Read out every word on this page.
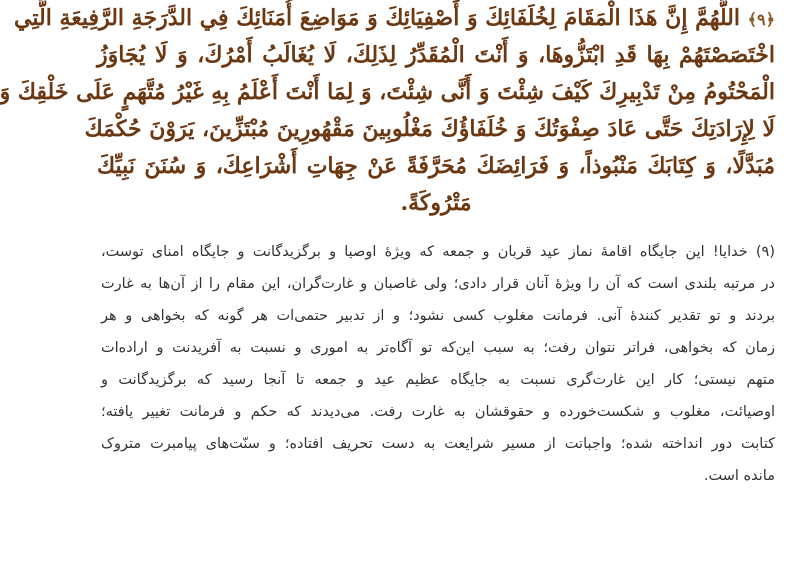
﴿٩﴾ اللَّهُمَّ إِنَّ هَذَا الْمَقَامَ لِخُلَفَائِكَ وَ أَصْفِيَائِكَ وَ مَوَاضِعَ أُمَنَائِكَ فِي الدَّرَجَةِ الرَّفِيعَةِ الَّتِي
اخْتَصَصْتَهُمْ بِهَا قَدِ ابْتَزُّوهَا، وَ أَنْتَ الْمُقَدِّرُ لِذَلِكَ، لَا يُغَالَبُ أَمْرُكَ، وَ لَا يُجَاوَزُ
الْمَحْتُومُ مِنْ تَدْبِيرِكَ كَيْفَ شِئْتَ وَ أَنَّى شِئْتَ، وَ لِمَا أَنْتَ أَعْلَمُ بِهِ غَيْرُ مُتَّهَمٍ عَلَى خَلْقِكَ وَ
لَا لِإِرَادَتِكَ حَتَّى عَادَ صِفْوَتُكَ وَ خُلَفَاؤُكَ مَغْلُوبِينَ مَقْهُورِينَ مُبْتَزِّينَ، يَرَوْنَ حُكْمَكَ
مُبَدَّلًا، وَ كِتَابَكَ مَنْبُوذاً، وَ فَرَائِضَكَ مُحَرَّفَةً عَنْ جِهَاتِ أَشْرَاعِكَ، وَ سُنَنَ نَبِيِّكَ
مَتْرُوكَةً.
(۹) خدایا! این جایگاه اقامهٔ نماز عید قربان و جمعه که ویژهٔ اوصیا و برگزیدگانت و جایگاه امنای توست،
در مرتبه بلندی است که آن را ویژهٔ آنان قرار دادی؛ ولی غاصبان و غارت‌گران، این مقام را از آن‌ها به غارت
بردند و تو تقدیر کنندهٔ آنی. فرمانت مغلوب کسی نشود؛ و از تدبیر حتمی‌ات هر گونه که بخواهی و هر
زمان که بخواهی، فراتر نتوان رفت؛ به سبب این‌که تو آگاه‌تر به اموری و نسبت به آفریدنت و اراده‌ات
متهم نیستی؛ کار این غارت‌گری نسبت به جایگاه عظیم عید و جمعه تا آنجا رسید که برگزیدگانت و
اوصیائت، مغلوب و شکست‌خورده و حقوقشان به غارت رفت. می‌دیدند که حکم و فرمانت تغییر یافته؛
کتابت دور انداخته شده؛ واجباتت از مسیر شرایعت به دست تحریف افتاده؛ و سنّت‌های پیامبرت متروک
مانده است.
